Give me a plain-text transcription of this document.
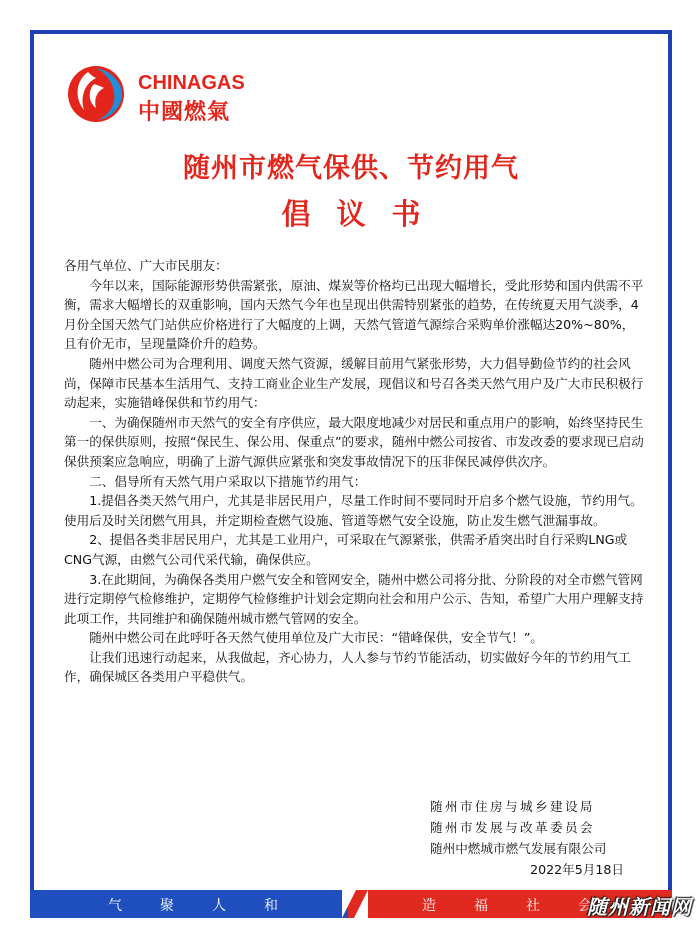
CHINAGAS
中國燃氣
随州市燃气保供、节约用气
倡议书

各用气单位、广大市民朋友：

今年以来，国际能源形势供需紧张，原油、煤炭等价格均已出现大幅增长，受此形势和国内供需不平衡，需求大幅增长的双重影响，国内天然气今年也呈现出供需特别紧张的趋势，在传统夏天用气淡季，4月份全国天然气门站供应价格进行了大幅度的上调，天然气管道气源综合采购单价涨幅达20%~80%，且有价无市，呈现量降价升的趋势。

随州中燃公司为合理利用、调度天然气资源，缓解目前用气紧张形势，大力倡导勤俭节约的社会风尚，保障市民基本生活用气、支持工商业企业生产发展，现倡议和号召各类天然气用户及广大市民积极行动起来，实施错峰保供和节约用气：

一、为确保随州市天然气的安全有序供应，最大限度地减少对居民和重点用户的影响，始终坚持民生第一的保供原则，按照“保民生、保公用、保重点”的要求，随州中燃公司按省、市发改委的要求现已启动保供预案应急响应，明确了上游气源供应紧张和突发事故情况下的压非保民减停供次序。

二、倡导所有天然气用户采取以下措施节约用气：

1.提倡各类天然气用户，尤其是非居民用户，尽量工作时间不要同时开启多个燃气设施，节约用气。使用后及时关闭燃气用具，并定期检查燃气设施、管道等燃气安全设施，防止发生燃气泄漏事故。

2、提倡各类非居民用户，尤其是工业用户，可采取在气源紧张，供需矛盾突出时自行采购LNG或CNG气源，由燃气公司代采代输，确保供应。

3.在此期间，为确保各类用户燃气安全和管网安全，随州中燃公司将分批、分阶段的对全市燃气管网进行定期停气检修维护，定期停气检修维护计划会定期向社会和用户公示、告知，希望广大用户理解支持此项工作，共同维护和确保随州城市燃气管网的安全。

随州中燃公司在此呼吁各天然气使用单位及广大市民：“错峰保供，安全节气！”。

让我们迅速行动起来，从我做起，齐心协力，人人参与节约节能活动，切实做好今年的节约用气工作，确保城区各类用户平稳供气。

随州市住房与城乡建设局
随州市发展与改革委员会
随州中燃城市燃气发展有限公司
2022年5月18日
气聚人和	造福社会
随州新闻网
